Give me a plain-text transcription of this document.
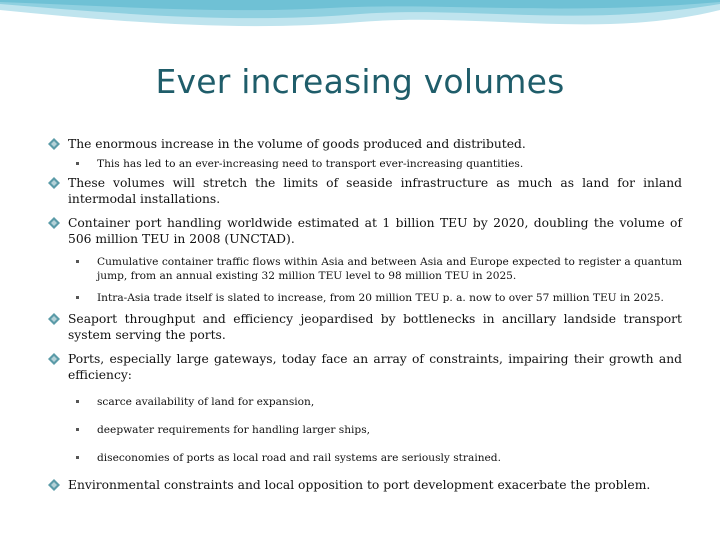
Ever increasing volumes
The enormous increase in the volume of goods produced and distributed.
This has led to an ever-increasing need to transport ever-increasing quantities.
These volumes will stretch the limits of seaside infrastructure as much as land for inland intermodal installations.
Container port handling worldwide estimated at 1 billion TEU by 2020, doubling the volume of 506 million TEU in 2008 (UNCTAD).
Cumulative container traffic flows within Asia and between Asia and Europe expected to register a quantum jump, from an annual existing 32 million TEU level to 98 million TEU in 2025.
Intra-Asia trade itself is slated to increase, from 20 million TEU p. a. now to over 57 million TEU in 2025.
Seaport throughput and efficiency jeopardised by bottlenecks in ancillary landside transport system serving the ports.
Ports, especially large gateways, today face an array of constraints, impairing their growth and efficiency:
scarce availability of land for expansion,
deepwater requirements for handling larger ships,
diseconomies of ports as local road and rail systems are seriously strained.
Environmental constraints and local opposition to port development exacerbate the problem.
